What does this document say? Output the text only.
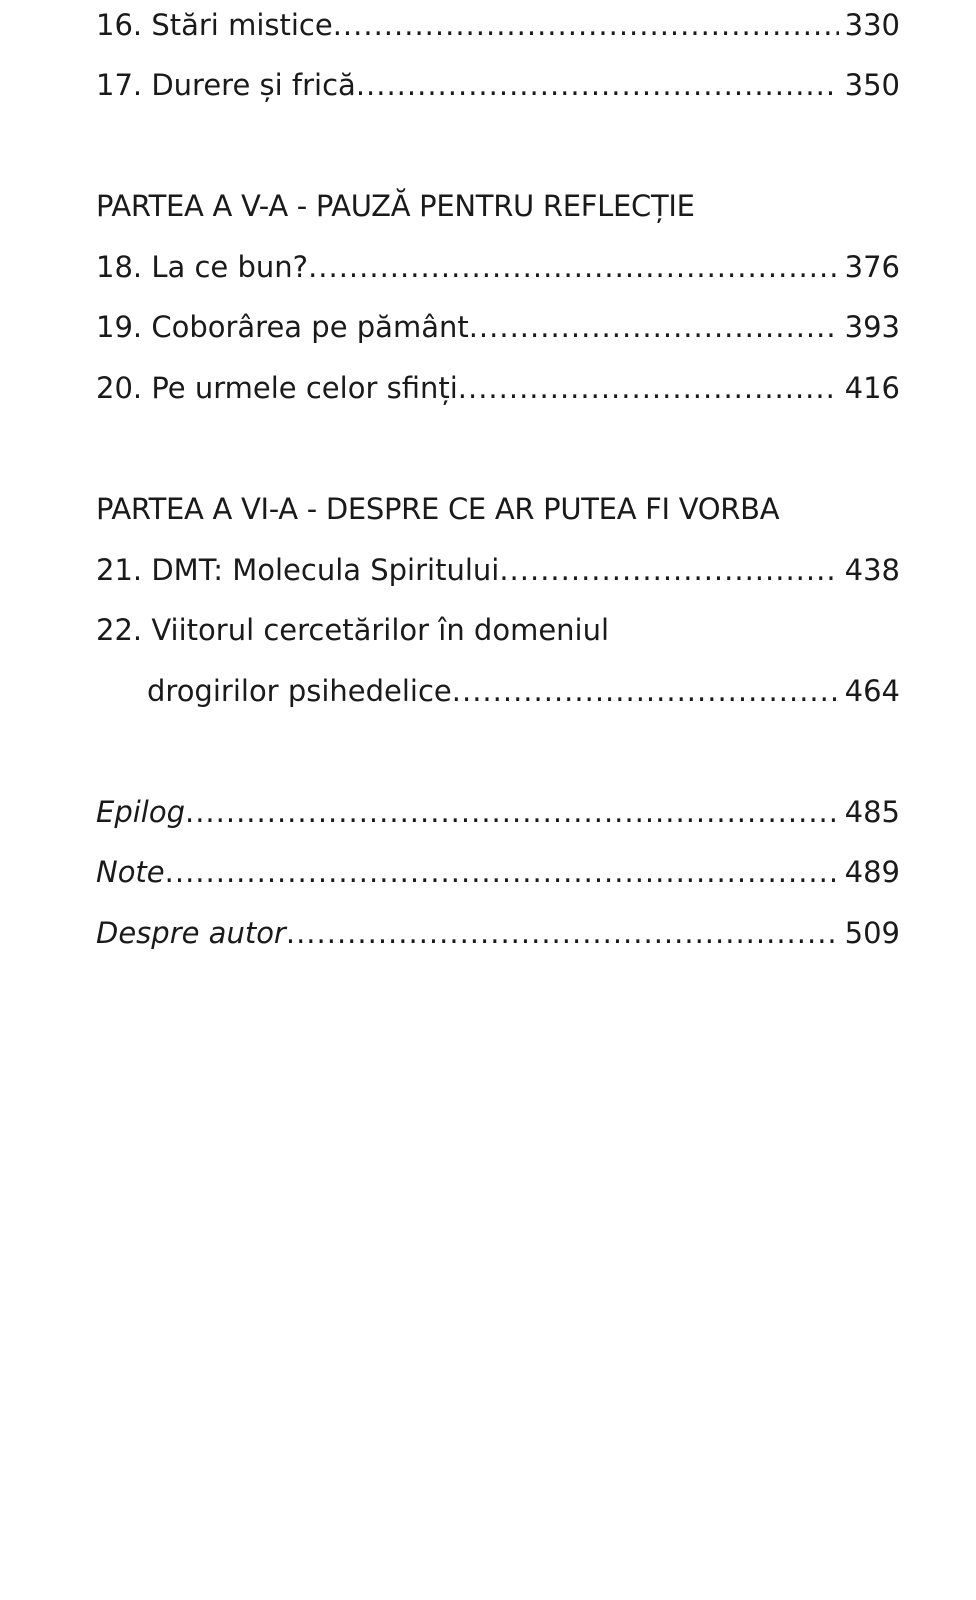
16. Stări mistice .....	330
17. Durere și frică .....	350
PARTEA A V-A - PAUZĂ PENTRU REFLECȚIE
18. La ce bun? .....	376
19. Coborârea pe pământ .....	393
20. Pe urmele celor sfinți .....	416
PARTEA A VI-A - DESPRE CE AR PUTEA FI VORBA
21. DMT: Molecula Spiritului .....	438
22. Viitorul cercetărilor în domeniul
drogirilor psihedelice .....	464
Epilog .....	485
Note .....	489
Despre autor .....	509
